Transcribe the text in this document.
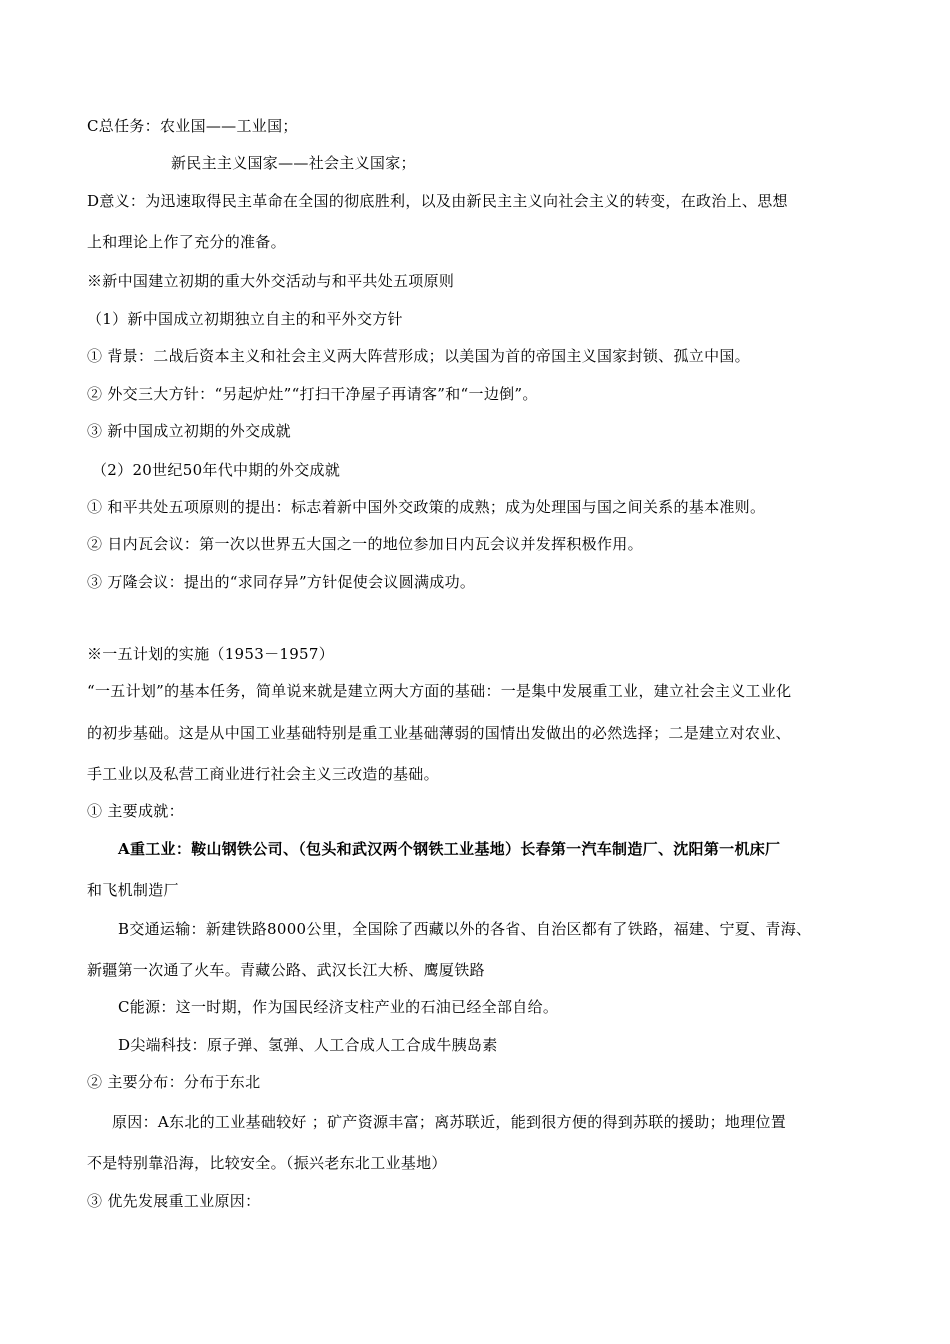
C总任务：农业国——工业国；
新民主主义国家——社会主义国家；
D意义：为迅速取得民主革命在全国的彻底胜利，以及由新民主主义向社会主义的转变，在政治上、思想
上和理论上作了充分的准备。
※新中国建立初期的重大外交活动与和平共处五项原则
（1）新中国成立初期独立自主的和平外交方针
① 背景：二战后资本主义和社会主义两大阵营形成；以美国为首的帝国主义国家封锁、孤立中国。
② 外交三大方针：“另起炉灶”“打扫干净屋子再请客”和“一边倒”。
③ 新中国成立初期的外交成就
（2）20世纪50年代中期的外交成就
① 和平共处五项原则的提出：标志着新中国外交政策的成熟；成为处理国与国之间关系的基本准则。
② 日内瓦会议：第一次以世界五大国之一的地位参加日内瓦会议并发挥积极作用。
③ 万隆会议：提出的“求同存异”方针促使会议圆满成功。
※一五计划的实施（1953－1957）
“一五计划”的基本任务，简单说来就是建立两大方面的基础：一是集中发展重工业，建立社会主义工业化
的初步基础。这是从中国工业基础特别是重工业基础薄弱的国情出发做出的必然选择；二是建立对农业、
手工业以及私营工商业进行社会主义三改造的基础。
① 主要成就：
A重工业：鞍山钢铁公司、（包头和武汉两个钢铁工业基地）长春第一汽车制造厂、沈阳第一机床厂
和飞机制造厂
B交通运输：新建铁路8000公里，全国除了西藏以外的各省、自治区都有了铁路，福建、宁夏、青海、
新疆第一次通了火车。青藏公路、武汉长江大桥、鹰厦铁路
C能源：这一时期，作为国民经济支柱产业的石油已经全部自给。
D尖端科技：原子弹、氢弹、人工合成人工合成牛胰岛素
② 主要分布：分布于东北
原因：A东北的工业基础较好 ；矿产资源丰富；离苏联近，能到很方便的得到苏联的援助；地理位置
不是特别靠沿海，比较安全。（振兴老东北工业基地）
③ 优先发展重工业原因：
